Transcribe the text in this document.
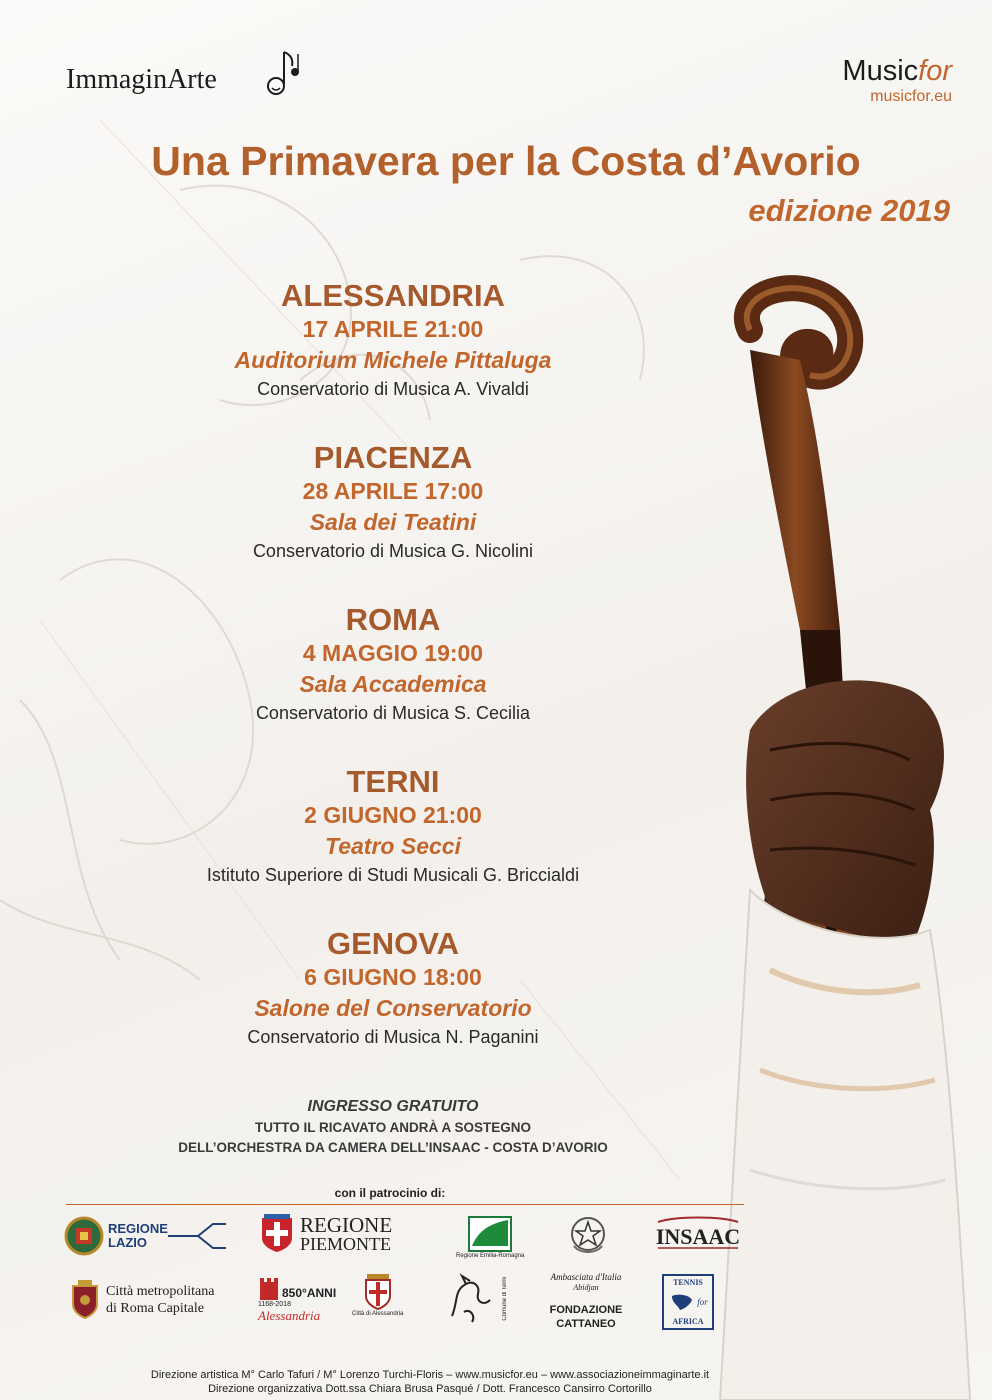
ImmaginArte	Musicfor
musicfor.eu
Una Primavera per la Costa d’Avorio
edizione 2019
ALESSANDRIA
17 APRILE 21:00
Auditorium Michele Pittaluga
Conservatorio di Musica A. Vivaldi
PIACENZA
28 APRILE 17:00
Sala dei Teatini
Conservatorio di Musica G. Nicolini
ROMA
4 MAGGIO 19:00
Sala Accademica
Conservatorio di Musica S. Cecilia
TERNI
2 GIUGNO 21:00
Teatro Secci
Istituto Superiore di Studi Musicali G. Briccialdi
GENOVA
6 GIUGNO 18:00
Salone del Conservatorio
Conservatorio di Musica N. Paganini
INGRESSO GRATUITO
TUTTO IL RICAVATO ANDRÀ A SOSTEGNO
DELL’ORCHESTRA DA CAMERA DELL’INSAAC - COSTA D’AVORIO
con il patrocinio di:
REGIONE
LAZIO
REGIONE
PIEMONTE
Regione Emilia-Romagna
INSAAC
Città metropolitana
di Roma Capitale
850°ANNI
1168-2018
Alessandria	Città di Alessandria	Comune di Terni
Ambasciata d'Italia
Abidjan
FONDAZIONE
CATTANEO
TENNIS
for
AFRICA
Direzione artistica M° Carlo Tafuri / M° Lorenzo Turchi-Floris – www.musicfor.eu – www.associazioneimmaginarte.it
Direzione organizzativa Dott.ssa Chiara Brusa Pasqué / Dott. Francesco Cansirro Cortorillo
